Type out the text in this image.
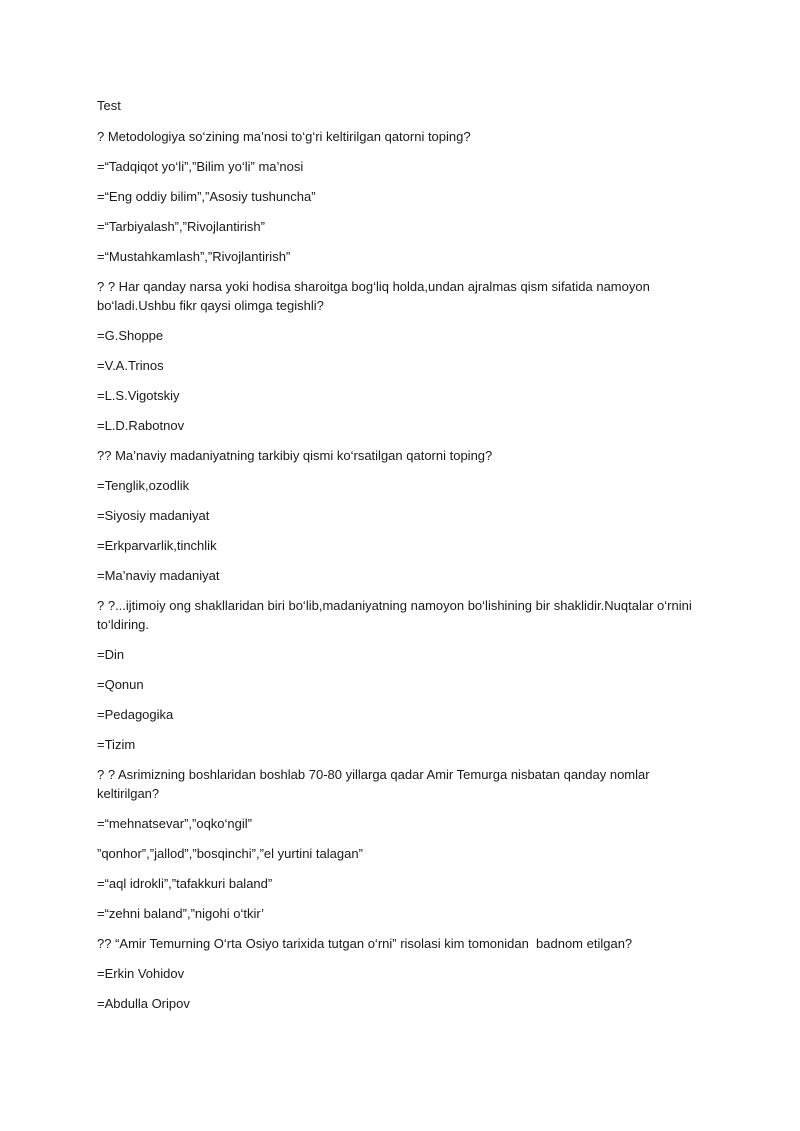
Test
? Metodologiya so‘zining ma’nosi to‘g‘ri keltirilgan qatorni toping?
=“Tadqiqot yo‘li”,”Bilim yo‘li” ma’nosi
=“Eng oddiy bilim”,”Asosiy tushuncha”
=“Tarbiyalash”,”Rivojlantirish”
=“Mustahkamlash”,”Rivojlantirish”
? ? Har qanday narsa yoki hodisa sharoitga bog‘liq holda,undan ajralmas qism sifatida namoyon bo‘ladi.Ushbu fikr qaysi olimga tegishli?
=G.Shoppe
=V.A.Trinos
=L.S.Vigotskiy
=L.D.Rabotnov
?? Ma’naviy madaniyatning tarkibiy qismi ko‘rsatilgan qatorni toping?
=Tenglik,ozodlik
=Siyosiy madaniyat
=Erkparvarlik,tinchlik
=Ma’naviy madaniyat
? ?...ijtimoiy ong shakllaridan biri bo‘lib,madaniyatning namoyon bo‘lishining bir shaklidir.Nuqtalar o‘rnini to‘ldiring.
=Din
=Qonun
=Pedagogika
=Tizim
? ? Asrimizning boshlaridan boshlab 70-80 yillarga qadar Amir Temurga nisbatan qanday nomlar keltirilgan?
=“mehnatsevar”,”oqko‘ngil”
”qonhor”,”jallod”,”bosqinchi”,”el yurtini talagan”
=“aql idrokli”,”tafakkuri baland”
=“zehni baland”,”nigohi o‘tkir’
?? “Amir Temurning O‘rta Osiyo tarixida tutgan o‘rni” risolasi kim tomonidan  badnom etilgan?
=Erkin Vohidov
=Abdulla Oripov
